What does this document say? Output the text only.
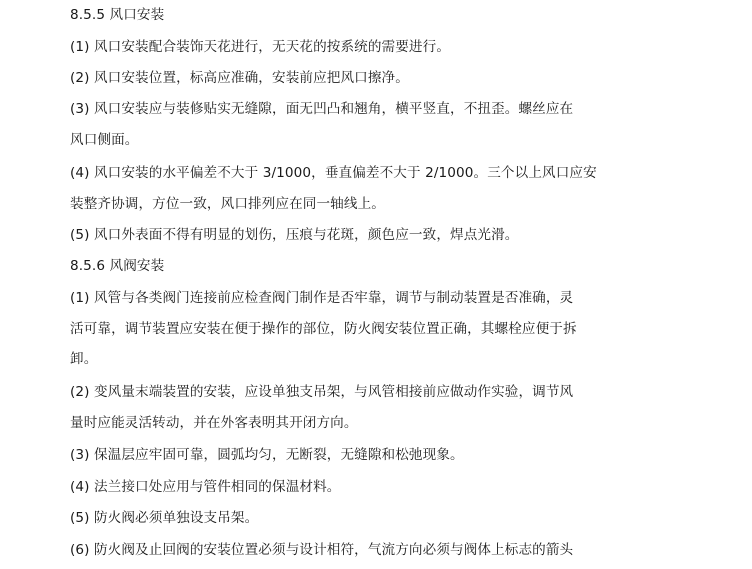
8.5.5 风口安装
(1) 风口安装配合装饰天花进行，无天花的按系统的需要进行。
(2) 风口安装位置，标高应准确，安装前应把风口擦净。
(3) 风口安装应与装修贴实无缝隙，面无凹凸和翘角，横平竖直，不扭歪。螺丝应在
风口侧面。
(4) 风口安装的水平偏差不大于 3/1000，垂直偏差不大于 2/1000。三个以上风口应安
装整齐协调，方位一致，风口排列应在同一轴线上。
(5) 风口外表面不得有明显的划伤，压痕与花斑，颜色应一致，焊点光滑。
8.5.6 风阀安装
(1) 风管与各类阀门连接前应检查阀门制作是否牢靠，调节与制动装置是否准确，灵
活可靠，调节装置应安装在便于操作的部位，防火阀安装位置正确，其螺栓应便于拆
卸。
(2) 变风量末端装置的安装，应设单独支吊架，与风管相接前应做动作实验，调节风
量时应能灵活转动，并在外客表明其开闭方向。
(3) 保温层应牢固可靠，圆弧均匀，无断裂，无缝隙和松弛现象。
(4) 法兰接口处应用与管件相同的保温材料。
(5) 防火阀必须单独设支吊架。
(6) 防火阀及止回阀的安装位置必须与设计相符，气流方向必须与阀体上标志的箭头
